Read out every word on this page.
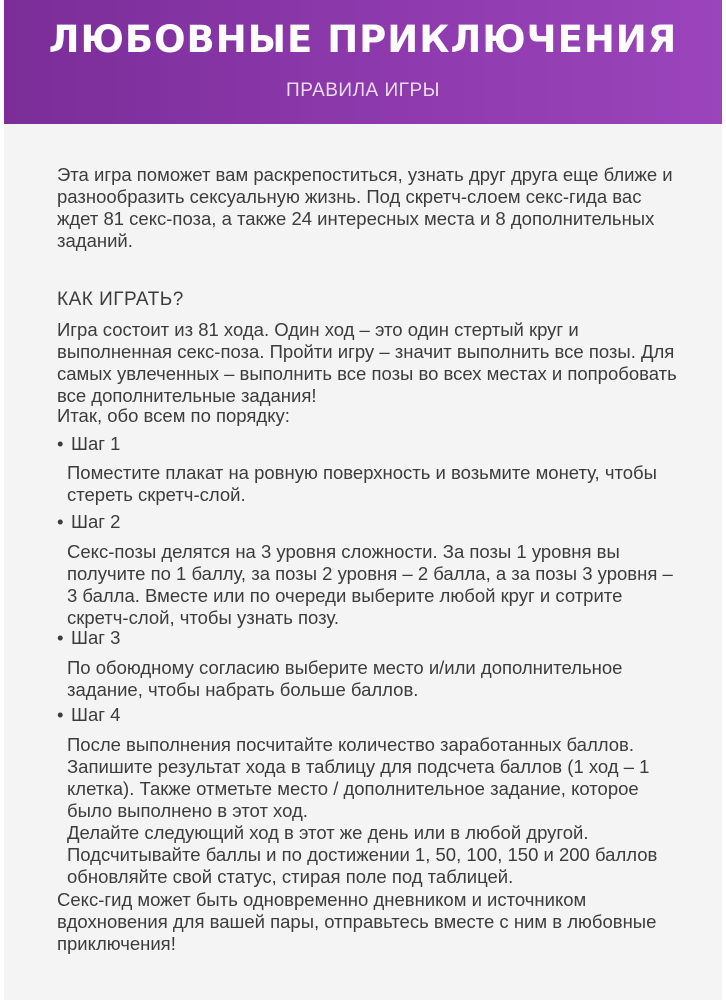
ЛЮБОВНЫЕ ПРИКЛЮЧЕНИЯ
ПРАВИЛА ИГРЫ
Эта игра поможет вам раскрепоститься, узнать друг друга еще ближе и разнообразить сексуальную жизнь. Под скретч-слоем секс-гида вас ждет 81 секс-поза, а также 24 интересных места и 8 дополнительных заданий.
КАК ИГРАТЬ?
Игра состоит из 81 хода. Один ход – это один стертый круг и выполненная секс-поза. Пройти игру – значит выполнить все позы. Для самых увлеченных – выполнить все позы во всех местах и попробовать все дополнительные задания!
Итак, обо всем по порядку:
• Шаг 1
Поместите плакат на ровную поверхность и возьмите монету, чтобы стереть скретч-слой.
• Шаг 2
Секс-позы делятся на 3 уровня сложности. За позы 1 уровня вы получите по 1 баллу, за позы 2 уровня – 2 балла, а за позы 3 уровня – 3 балла. Вместе или по очереди выберите любой круг и сотрите скретч-слой, чтобы узнать позу.
• Шаг 3
По обоюдному согласию выберите место и/или дополнительное задание, чтобы набрать больше баллов.
• Шаг 4
После выполнения посчитайте количество заработанных баллов. Запишите результат хода в таблицу для подсчета баллов (1 ход – 1 клетка). Также отметьте место / дополнительное задание, которое было выполнено в этот ход.
Делайте следующий ход в этот же день или в любой другой. Подсчитывайте баллы и по достижении 1, 50, 100, 150 и 200 баллов обновляйте свой статус, стирая поле под таблицей.
Секс-гид может быть одновременно дневником и источником вдохновения для вашей пары, отправьтесь вместе с ним в любовные приключения!
